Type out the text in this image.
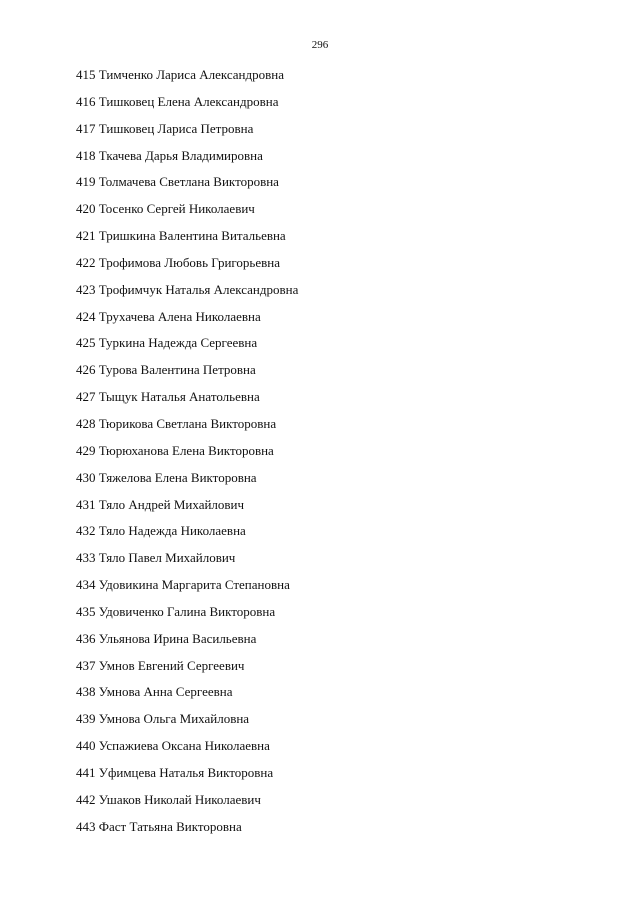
296
415 Тимченко Лариса Александровна
416 Тишковец Елена Александровна
417 Тишковец Лариса Петровна
418 Ткачева Дарья Владимировна
419 Толмачева Светлана Викторовна
420 Тосенко Сергей Николаевич
421 Тришкина Валентина Витальевна
422 Трофимова Любовь Григорьевна
423 Трофимчук Наталья Александровна
424 Трухачева Алена Николаевна
425 Туркина Надежда Сергеевна
426 Турова Валентина Петровна
427 Тыщук Наталья Анатольевна
428 Тюрикова Светлана Викторовна
429 Тюрюханова Елена Викторовна
430 Тяжелова Елена Викторовна
431 Тяло Андрей Михайлович
432 Тяло Надежда Николаевна
433 Тяло Павел Михайлович
434 Удовикина Маргарита Степановна
435 Удовиченко Галина Викторовна
436 Ульянова Ирина Васильевна
437 Умнов Евгений Сергеевич
438 Умнова Анна Сергеевна
439 Умнова Ольга Михайловна
440 Успажиева Оксана Николаевна
441 Уфимцева Наталья Викторовна
442 Ушаков Николай Николаевич
443 Фаст Татьяна Викторовна
